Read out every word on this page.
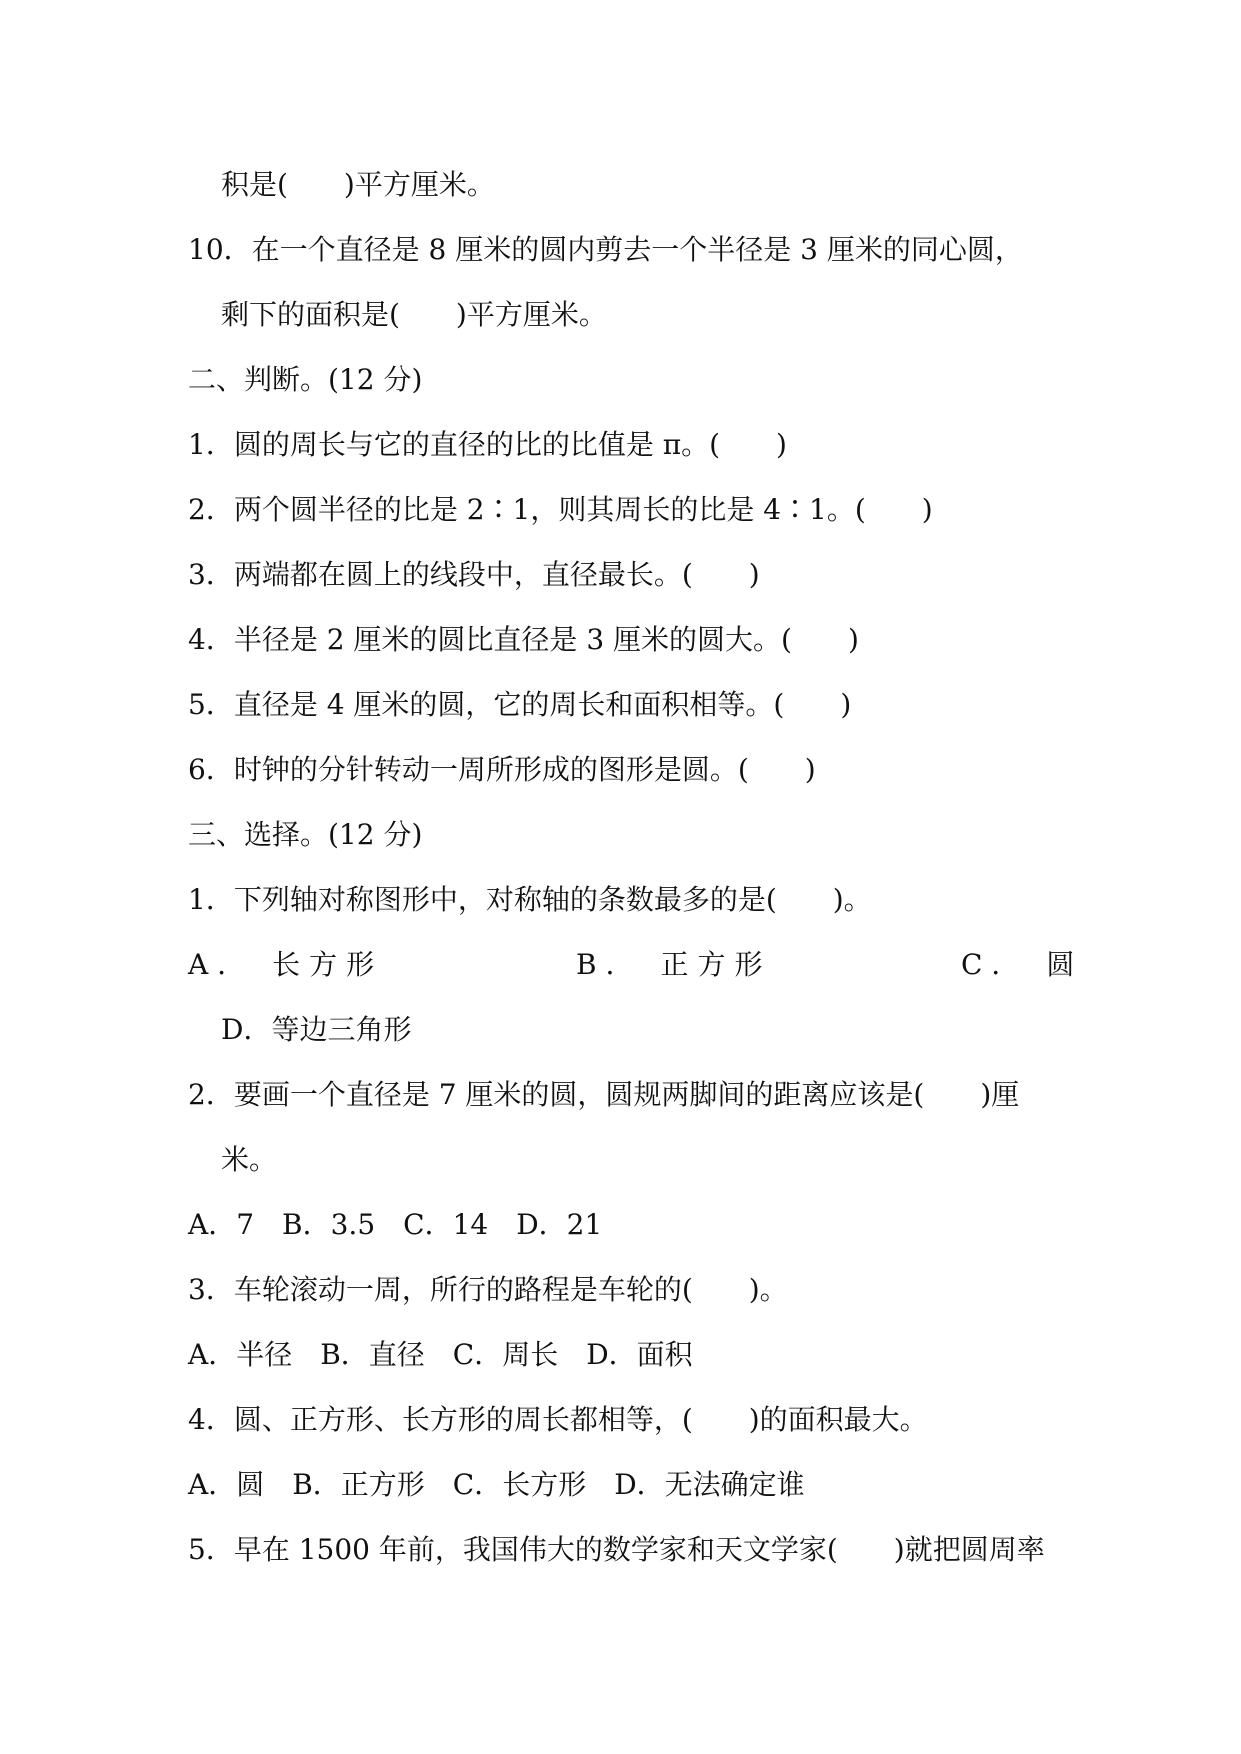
积是(　　)平方厘米。
10．在一个直径是 8 厘米的圆内剪去一个半径是 3 厘米的同心圆，
剩下的面积是(　　)平方厘米。
二、判断。(12 分)
1．圆的周长与它的直径的比的比值是 π。(　　)
2．两个圆半径的比是 2∶1，则其周长的比是 4∶1。(　　)
3．两端都在圆上的线段中，直径最长。(　　)
4．半径是 2 厘米的圆比直径是 3 厘米的圆大。(　　)
5．直径是 4 厘米的圆，它的周长和面积相等。(　　)
6．时钟的分针转动一周所形成的图形是圆。(　　)
三、选择。(12 分)
1．下列轴对称图形中，对称轴的条数最多的是(　　)。
A． 长方形	B． 正方形	C． 圆
D．等边三角形
2．要画一个直径是 7 厘米的圆，圆规两脚间的距离应该是(　　)厘
米。
A．7　B．3.5　C．14　D．21
3．车轮滚动一周，所行的路程是车轮的(　　)。
A．半径　B．直径　C．周长　D．面积
4．圆、正方形、长方形的周长都相等，(　　)的面积最大。
A．圆　B．正方形　C．长方形　D．无法确定谁
5．早在 1500 年前，我国伟大的数学家和天文学家(　　)就把圆周率
